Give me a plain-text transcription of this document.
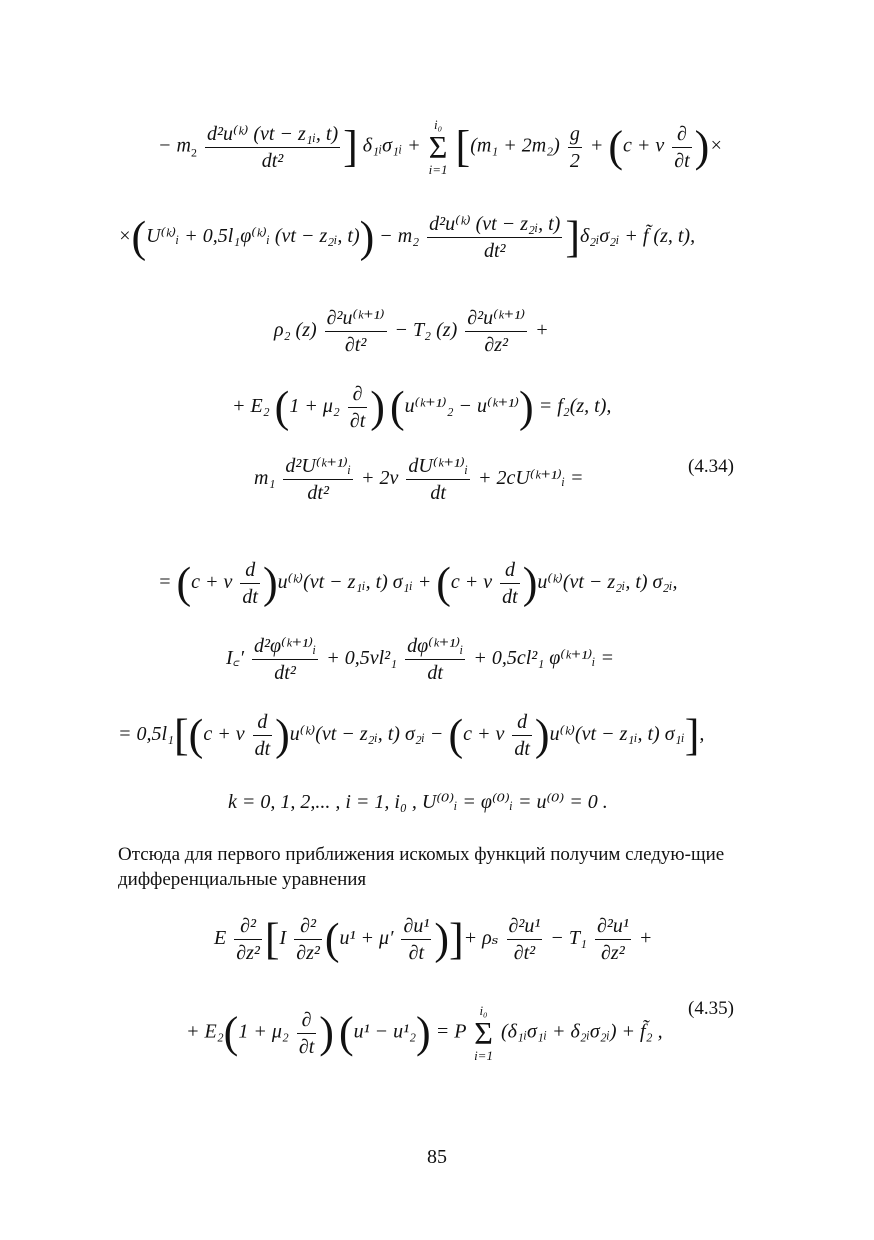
− $m_2 \frac{\text{d²u⁽ᵏ⁾ (vt − z₁ᵢ, t)}}{\text{dt²}}$ ] δ₁ᵢσ₁ᵢ +
i₀
Σ
i=1 [$(m_1 + 2m_2) \frac{g}{2} + (c + v \frac{\partial}{\partial t}$ )×
×(U⁽ᵏ⁾ᵢ + 0,5l₁φ⁽ᵏ⁾ᵢ (vt − z₂ᵢ, $t)) - m_2 \frac{\text{d²u⁽ᵏ⁾ (vt − z₂ᵢ, t)}}{\text{dt²}}$ ]δ₂ᵢσ₂ᵢ + f̃ (z, t),
ρ₂ $(z) \frac{\text{∂²u⁽ᵏ⁺¹⁾}}{\text{∂t²}} - T_2$ $(z) \frac{\text{∂²u⁽ᵏ⁺¹⁾}}{\text{∂z²}}$ +
+ E₂ ($1 + \mu_2 \frac{\partial}{\partial t}$ ) (u⁽ᵏ⁺¹⁾₂ − u⁽ᵏ⁺¹⁾) = f₂(z, t),
$m_1 \frac{\text{d²U⁽ᵏ⁺¹⁾ᵢ}}{\text{dt²}} + 2v \frac{\text{dU⁽ᵏ⁺¹⁾ᵢ}}{dt}$ + 2cU⁽ᵏ⁺¹⁾ᵢ =
(4.34)
= (c + v $\frac{d}{dt}$ )u⁽ᵏ⁾(vt − z₁ᵢ, t) σ₁ᵢ + (c + v $\frac{d}{dt}$ )u⁽ᵏ⁾(vt − z₂ᵢ, t) σ₂ᵢ,
I꜀′ $\frac{\text{d²φ⁽ᵏ⁺¹⁾ᵢ}}{\text{dt²}} + 0,5vl^2_1 \frac{\text{dφ⁽ᵏ⁺¹⁾ᵢ}}{dt} + 0,5cl^2_1$ φ⁽ᵏ⁺¹⁾ᵢ =
= 0,5l₁[(c + v $\frac{d}{dt}$ )u⁽ᵏ⁾(vt − z₂ᵢ, t) σ₂ᵢ − (c + v $\frac{d}{dt}$ )u⁽ᵏ⁾(vt − z₁ᵢ, t) σ₁ᵢ],
k = 0, 1, 2,... , i = 1, i₀ , U⁽⁰⁾ᵢ = φ⁽⁰⁾ᵢ = u⁽⁰⁾ = 0 .
Отсюда для первого приближения искомых функций получим следую-щие дифференциальные уравнения
E $\frac{\text{∂²}}{\text{∂z²}} [I \frac{\text{∂²}}{\text{∂z²}} (u^1 + \mu' \frac{\text{∂u¹}}{\partial t}$ )]+ ρₛ $\frac{\text{∂²u¹}}{\text{∂t²}} - T_1 \frac{\text{∂²u¹}}{\text{∂z²}}$ +
+ $E_2(1 + \mu_2 \frac{\partial}{\partial t}$ ) (u¹ − u¹₂) = P
i₀
Σ
i=1
(δ₁ᵢσ₁ᵢ + δ₂ᵢσ₂ᵢ) + f̃₂ ,
(4.35)
85
